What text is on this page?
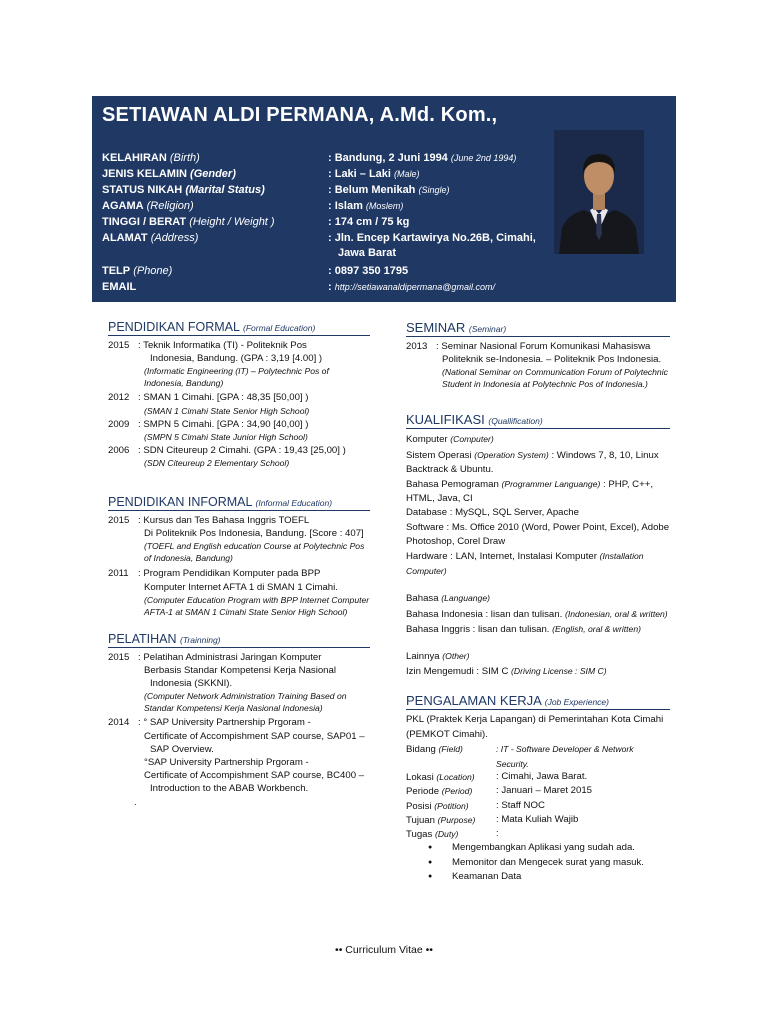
SETIAWAN ALDI PERMANA, A.Md. Kom.,
KELAHIRAN (Birth)	: Bandung, 2 Juni 1994 (June 2nd 1994)
JENIS KELAMIN (Gender)	: Laki – Laki (Male)
STATUS NIKAH (Marital Status)	: Belum Menikah (Single)
AGAMA (Religion)	: Islam (Moslem)
TINGGI / BERAT (Height / Weight )	: 174 cm / 75 kg
ALAMAT (Address)	: Jln. Encep Kartawirya No.26B, Cimahi,
Jawa Barat
TELP (Phone)	: 0897 350 1795
EMAIL	: http://setiawanaldipermana@gmail.com/
PENDIDIKAN FORMAL (Formal Education)
2015 : Teknik Informatika (TI) - Politeknik Pos
Indonesia, Bandung. (GPA : 3,19 [4.00] )
(Informatic Engineering (IT) – Polytechnic Pos of Indonesia, Bandung)
2012 : SMAN 1 Cimahi. [GPA : 48,35 [50,00] )
(SMAN 1 Cimahi State Senior High School)
2009 : SMPN 5 Cimahi. [GPA : 34,90 [40,00] )
(SMPN 5 Cimahi State Junior High School)
2006 : SDN Citeureup 2 Cimahi. (GPA : 19,43 [25,00] )
(SDN Citeureup 2 Elementary School)
PENDIDIKAN INFORMAL (Informal Education)
2015 : Kursus dan Tes Bahasa Inggris TOEFL
Di Politeknik Pos Indonesia, Bandung. [Score : 407]
(TOEFL and English education Course at Polytechnic Pos of Indonesia, Bandung)
2011 : Program Pendidikan Komputer pada BPP
Komputer Internet AFTA 1 di SMAN 1 Cimahi.
(Computer Education Program with BPP Internet Computer AFTA-1 at SMAN 1 Cimahi State Senior High School)
PELATIHAN (Trainning)
2015 : Pelatihan Administrasi Jaringan Komputer
Berbasis Standar Kompetensi Kerja Nasional Indonesia (SKKNI).
(Computer Network Administration Training Based on Standar Kompetensi Kerja Nasional Indonesia)
2014 : ° SAP University Partnership Prgoram -
Certificate of Accompishment SAP course, SAP01 – SAP Overview.
°SAP University Partnership Prgoram -
Certificate of Accompishment SAP course, BC400 – Introduction to the ABAB Workbench.
.
SEMINAR (Seminar)
2013 : Seminar Nasional Forum Komunikasi Mahasiswa
Politeknik se-Indonesia. – Politeknik Pos Indonesia.
(National Seminar on Communication Forum of Polytechnic Student in Indonesia at Polytechnic Pos of Indonesia.)
KUALIFIKASI (Quallification)
Komputer (Computer)
Sistem Operasi (Operation System) : Windows 7, 8, 10, Linux Backtrack & Ubuntu.
Bahasa Pemograman (Programmer Languange) : PHP, C++, HTML, Java, CI
Database : MySQL, SQL Server, Apache
Software : Ms. Office 2010 (Word, Power Point, Excel), Adobe Photoshop, Corel Draw
Hardware : LAN, Internet, Instalasi Komputer (Installation Computer)
Bahasa (Languange)
Bahasa Indonesia : lisan dan tulisan. (Indonesian, oral & written)
Bahasa Inggris : lisan dan tulisan. (English, oral & written)
Lainnya (Other)
Izin Mengemudi : SIM C (Driving License : SIM C)
PENGALAMAN KERJA (Job Experience)
PKL (Praktek Kerja Lapangan) di Pemerintahan Kota Cimahi (PEMKOT Cimahi).
Bidang (Field)	: IT - Software Developer & Network Security.
Lokasi (Location) : Cimahi, Jawa Barat.
Periode (Period) : Januari – Maret 2015
Posisi (Potition)	: Staff NOC
Tujuan (Purpose) : Mata Kuliah Wajib
Tugas (Duty)	:
● Mengembangkan Aplikasi yang sudah ada.
● Memonitor dan Mengecek surat yang masuk.
● Keamanan Data
•• Curriculum Vitae ••
